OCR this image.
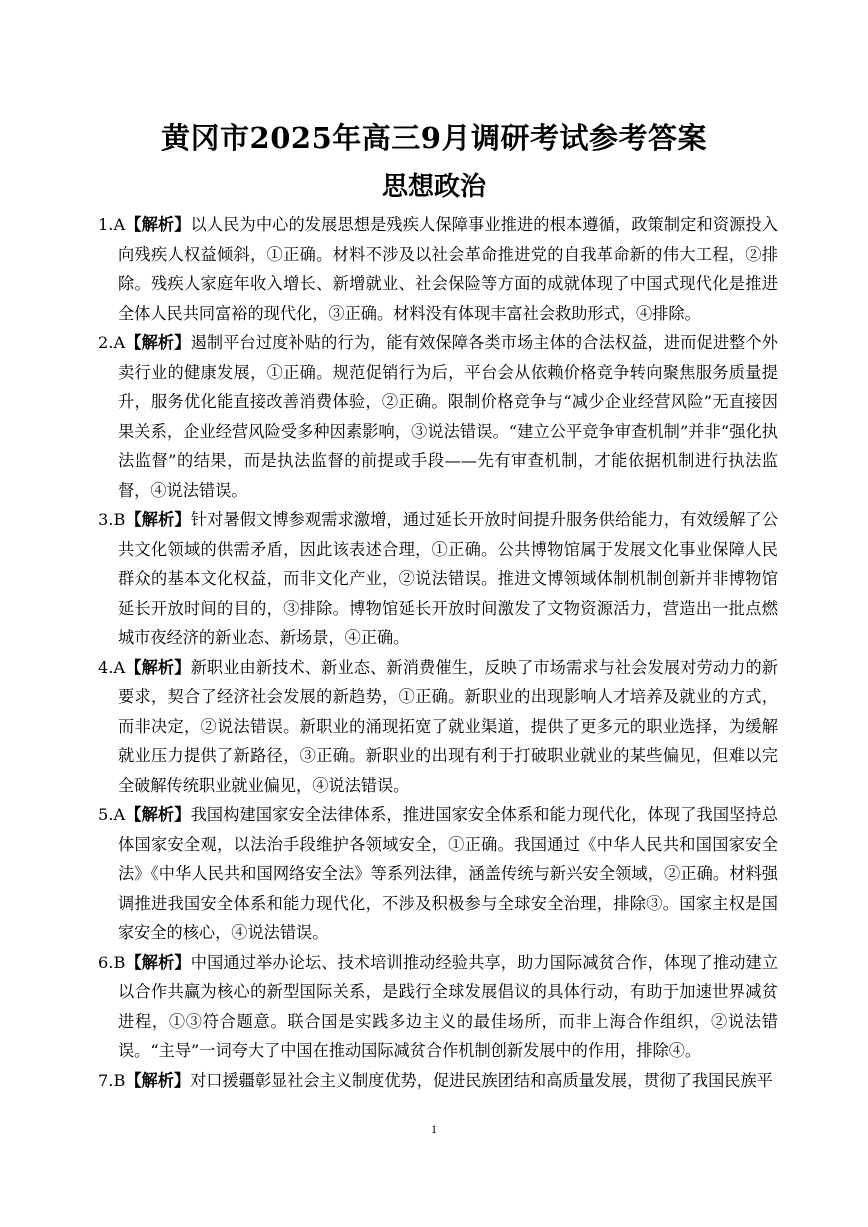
黄冈市2025年高三9月调研考试参考答案
思想政治

1.A【解析】以人民为中心的发展思想是残疾人保障事业推进的根本遵循，政策制定和资源投入向残疾人权益倾斜，①正确。材料不涉及以社会革命推进党的自我革命新的伟大工程，②排除。残疾人家庭年收入增长、新增就业、社会保险等方面的成就体现了中国式现代化是推进全体人民共同富裕的现代化，③正确。材料没有体现丰富社会救助形式，④排除。

2.A【解析】遏制平台过度补贴的行为，能有效保障各类市场主体的合法权益，进而促进整个外卖行业的健康发展，①正确。规范促销行为后，平台会从依赖价格竞争转向聚焦服务质量提升，服务优化能直接改善消费体验，②正确。限制价格竞争与“减少企业经营风险”无直接因果关系，企业经营风险受多种因素影响，③说法错误。“建立公平竞争审查机制”并非“强化执法监督”的结果，而是执法监督的前提或手段——先有审查机制，才能依据机制进行执法监督，④说法错误。

3.B【解析】针对暑假文博参观需求激增，通过延长开放时间提升服务供给能力，有效缓解了公共文化领域的供需矛盾，因此该表述合理，①正确。公共博物馆属于发展文化事业保障人民群众的基本文化权益，而非文化产业，②说法错误。推进文博领域体制机制创新并非博物馆延长开放时间的目的，③排除。博物馆延长开放时间激发了文物资源活力，营造出一批点燃城市夜经济的新业态、新场景，④正确。

4.A【解析】新职业由新技术、新业态、新消费催生，反映了市场需求与社会发展对劳动力的新要求，契合了经济社会发展的新趋势，①正确。新职业的出现影响人才培养及就业的方式，而非决定，②说法错误。新职业的涌现拓宽了就业渠道，提供了更多元的职业选择，为缓解就业压力提供了新路径，③正确。新职业的出现有利于打破职业就业的某些偏见，但难以完全破解传统职业就业偏见，④说法错误。

5.A【解析】我国构建国家安全法律体系，推进国家安全体系和能力现代化，体现了我国坚持总体国家安全观，以法治手段维护各领域安全，①正确。我国通过《中华人民共和国国家安全法》《中华人民共和国网络安全法》等系列法律，涵盖传统与新兴安全领域，②正确。材料强调推进我国安全体系和能力现代化，不涉及积极参与全球安全治理，排除③。国家主权是国家安全的核心，④说法错误。

6.B【解析】中国通过举办论坛、技术培训推动经验共享，助力国际减贫合作，体现了推动建立以合作共赢为核心的新型国际关系，是践行全球发展倡议的具体行动，有助于加速世界减贫进程，①③符合题意。联合国是实践多边主义的最佳场所，而非上海合作组织，②说法错误。“主导”一词夸大了中国在推动国际减贫合作机制创新发展中的作用，排除④。

7.B【解析】对口援疆彰显社会主义制度优势，促进民族团结和高质量发展，贯彻了我国民族平

1
